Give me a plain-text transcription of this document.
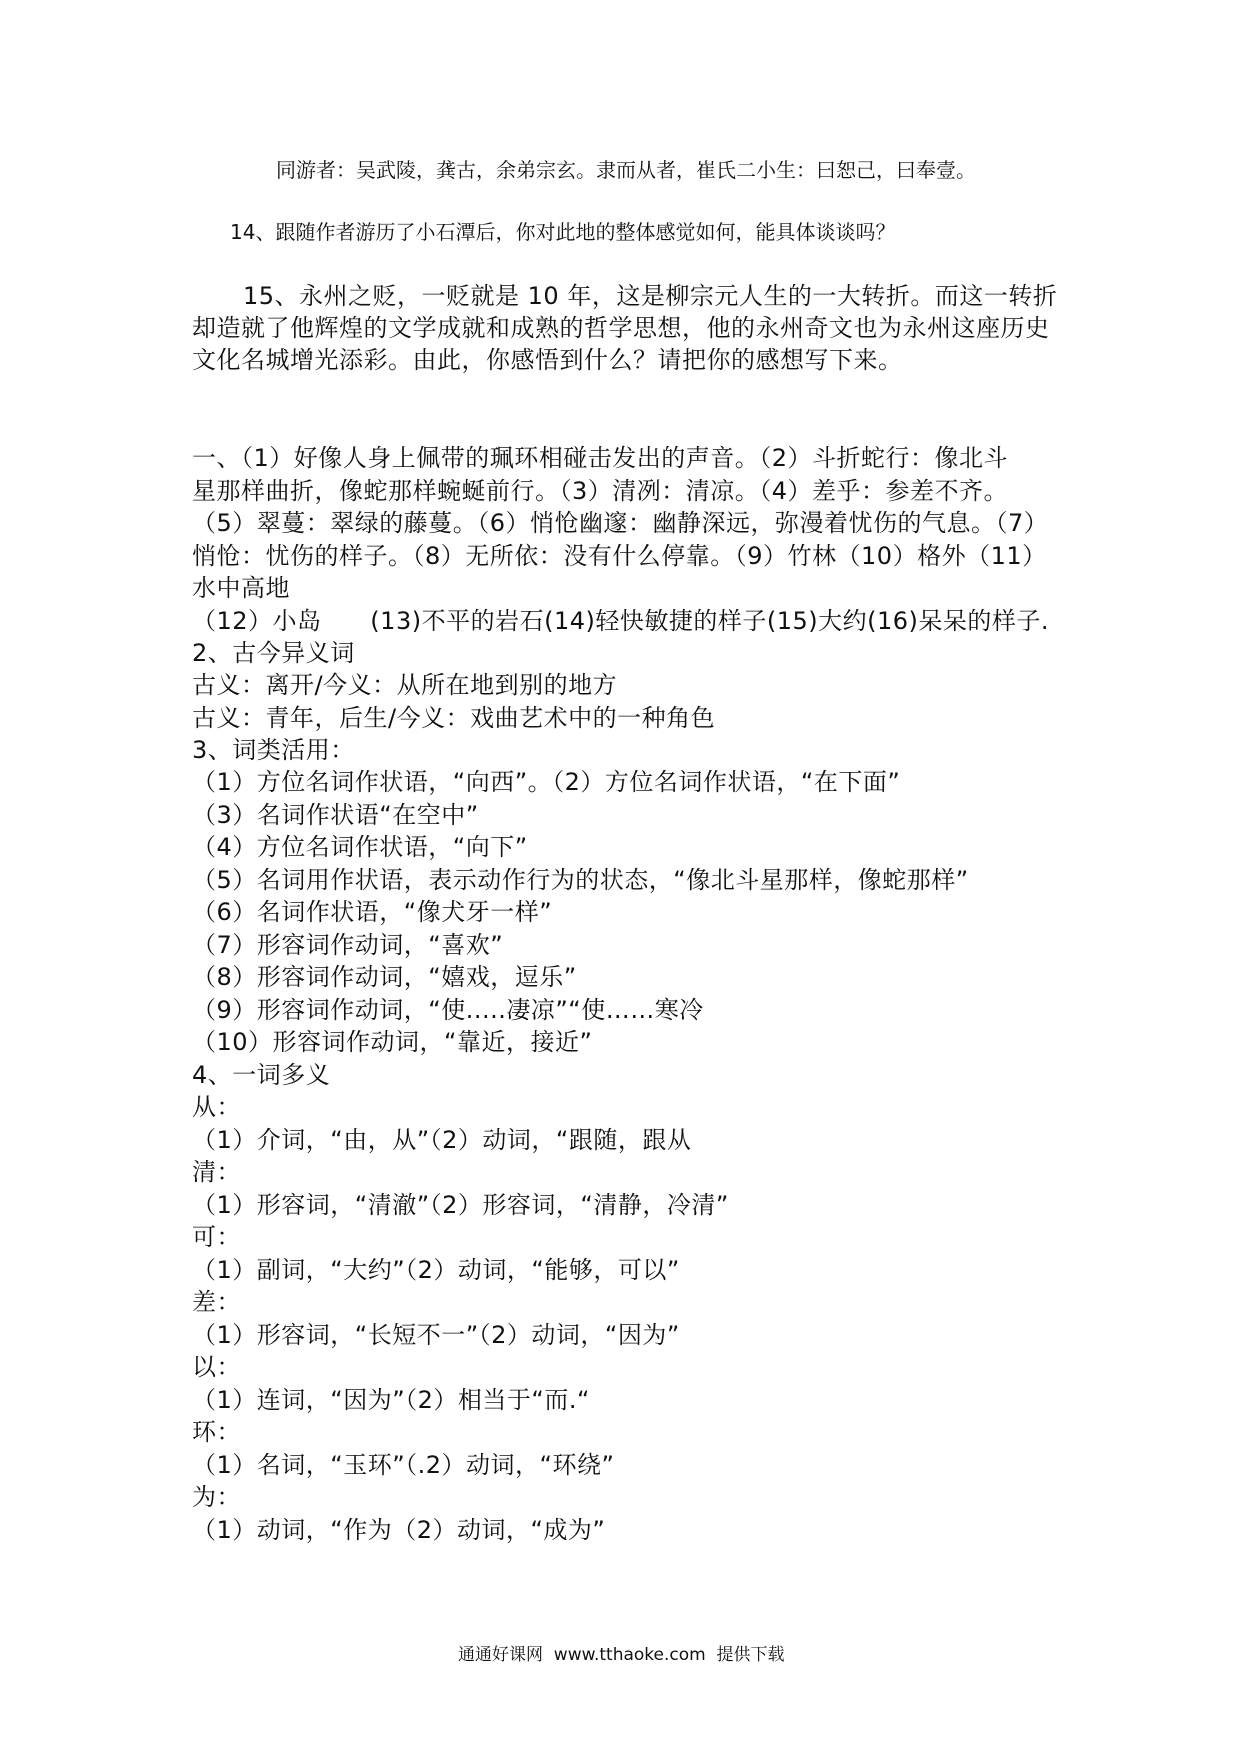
同游者：吴武陵，龚古，余弟宗玄。隶而从者，崔氏二小生：曰恕己，曰奉壹。
14、跟随作者游历了小石潭后，你对此地的整体感觉如何，能具体谈谈吗？
15、永州之贬，一贬就是 10 年，这是柳宗元人生的一大转折。而这一转折
却造就了他辉煌的文学成就和成熟的哲学思想，他的永州奇文也为永州这座历史
文化名城增光添彩。由此，你感悟到什么？请把你的感想写下来。
一、（1）好像人身上佩带的珮环相碰击发出的声音。（2）斗折蛇行：像北斗
星那样曲折，像蛇那样蜿蜒前行。（3）清冽：清凉。（4）差乎：参差不齐。
（5）翠蔓：翠绿的藤蔓。（6）悄怆幽邃：幽静深远，弥漫着忧伤的气息。（7）
悄怆：忧伤的样子。（8）无所依：没有什么停靠。（9）竹林（10）格外（11）
水中高地
（12）小岛      (13)不平的岩石(14)轻快敏捷的样子(15)大约(16)呆呆的样子.
2、古今异义词
古义：离开/今义：从所在地到别的地方
古义：青年，后生/今义：戏曲艺术中的一种角色
3、词类活用：
（1）方位名词作状语，“向西”。（2）方位名词作状语，“在下面”
（3）名词作状语“在空中”
（4）方位名词作状语，“向下”
（5）名词用作状语，表示动作行为的状态，“像北斗星那样，像蛇那样”
（6）名词作状语，“像犬牙一样”
（7）形容词作动词，“喜欢”
（8）形容词作动词，“嬉戏，逗乐”
（9）形容词作动词，“使.....凄凉”“使……寒冷
（10）形容词作动词，“靠近，接近”
4、一词多义
从：
（1）介词，“由，从”（2）动词，“跟随，跟从
清：
（1）形容词，“清澈”（2）形容词，“清静，冷清”
可：
（1）副词，“大约”（2）动词，“能够，可以”
差：
（1）形容词，“长短不一”（2）动词，“因为”
以：
（1）连词，“因为”（2）相当于“而.“
环：
（1）名词，“玉环”（.2）动词，“环绕”
为：
（1）动词，“作为（2）动词，“成为”
通通好课网  www.tthaoke.com  提供下载
